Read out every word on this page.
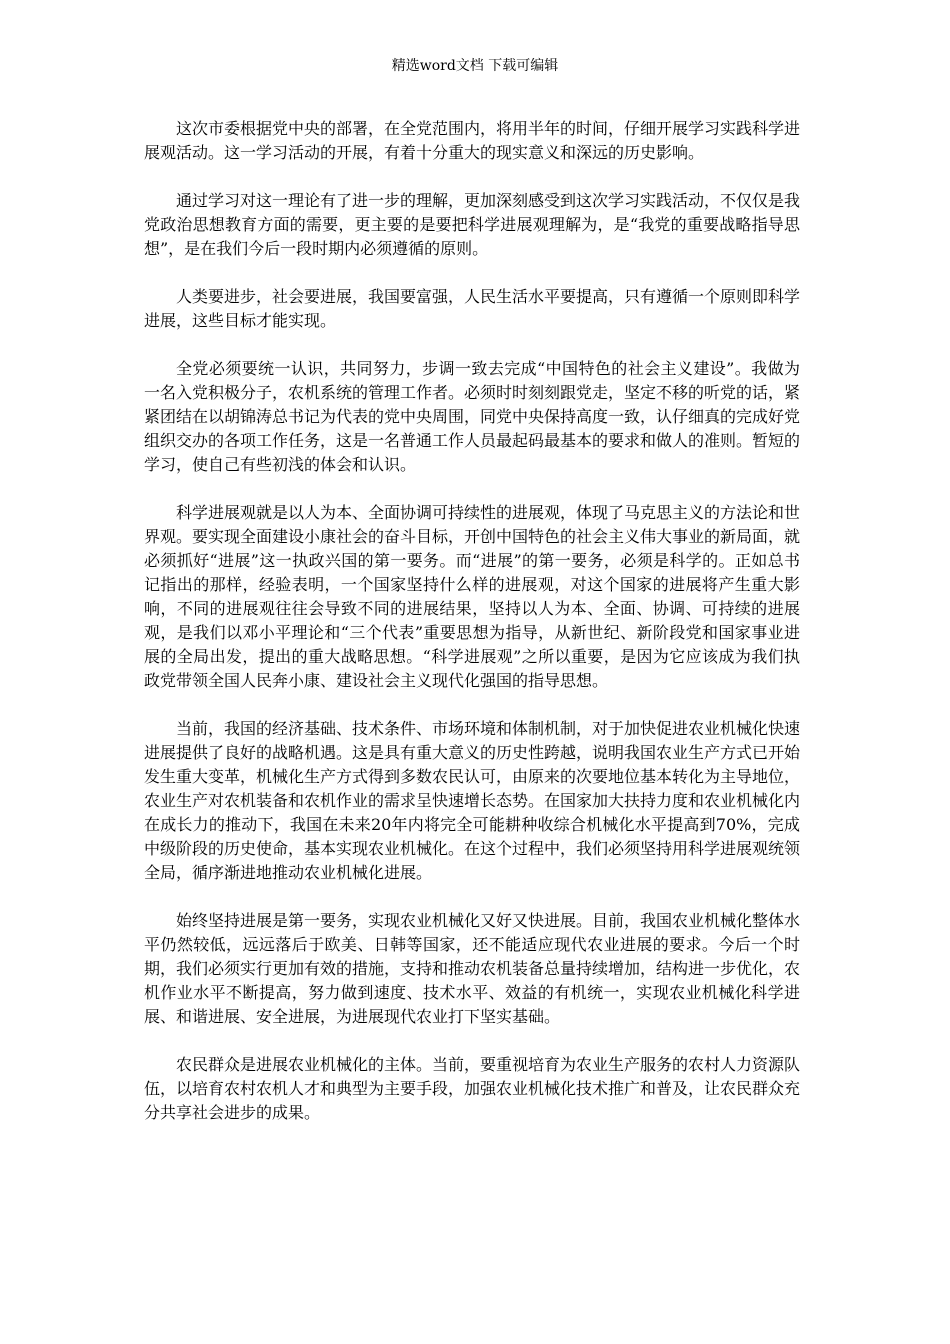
精选word文档 下载可编辑

这次市委根据党中央的部署，在全党范围内，将用半年的时间，仔细开展学习实践科学进展观活动。这一学习活动的开展，有着十分重大的现实意义和深远的历史影响。

通过学习对这一理论有了进一步的理解，更加深刻感受到这次学习实践活动，不仅仅是我党政治思想教育方面的需要，更主要的是要把科学进展观理解为，是“我党的重要战略指导思想”，是在我们今后一段时期内必须遵循的原则。

人类要进步，社会要进展，我国要富强，人民生活水平要提高，只有遵循一个原则即科学进展，这些目标才能实现。

全党必须要统一认识，共同努力，步调一致去完成“中国特色的社会主义建设”。我做为一名入党积极分子，农机系统的管理工作者。必须时时刻刻跟党走，坚定不移的听党的话，紧紧团结在以胡锦涛总书记为代表的党中央周围，同党中央保持高度一致，认仔细真的完成好党组织交办的各项工作任务，这是一名普通工作人员最起码最基本的要求和做人的准则。暂短的学习，使自己有些初浅的体会和认识。

科学进展观就是以人为本、全面协调可持续性的进展观，体现了马克思主义的方法论和世界观。要实现全面建设小康社会的奋斗目标，开创中国特色的社会主义伟大事业的新局面，就必须抓好“进展”这一执政兴国的第一要务。而“进展”的第一要务，必须是科学的。正如总书记指出的那样，经验表明，一个国家坚持什么样的进展观，对这个国家的进展将产生重大影响，不同的进展观往往会导致不同的进展结果，坚持以人为本、全面、协调、可持续的进展观，是我们以邓小平理论和“三个代表”重要思想为指导，从新世纪、新阶段党和国家事业进展的全局出发，提出的重大战略思想。“科学进展观”之所以重要，是因为它应该成为我们执政党带领全国人民奔小康、建设社会主义现代化强国的指导思想。

当前，我国的经济基础、技术条件、市场环境和体制机制，对于加快促进农业机械化快速进展提供了良好的战略机遇。这是具有重大意义的历史性跨越，说明我国农业生产方式已开始发生重大变革，机械化生产方式得到多数农民认可，由原来的次要地位基本转化为主导地位，农业生产对农机装备和农机作业的需求呈快速增长态势。在国家加大扶持力度和农业机械化内在成长力的推动下，我国在未来20年内将完全可能耕种收综合机械化水平提高到70%，完成中级阶段的历史使命，基本实现农业机械化。在这个过程中，我们必须坚持用科学进展观统领全局，循序渐进地推动农业机械化进展。

始终坚持进展是第一要务，实现农业机械化又好又快进展。目前，我国农业机械化整体水平仍然较低，远远落后于欧美、日韩等国家，还不能适应现代农业进展的要求。今后一个时期，我们必须实行更加有效的措施，支持和推动农机装备总量持续增加，结构进一步优化，农机作业水平不断提高，努力做到速度、技术水平、效益的有机统一，实现农业机械化科学进展、和谐进展、安全进展，为进展现代农业打下坚实基础。

农民群众是进展农业机械化的主体。当前，要重视培育为农业生产服务的农村人力资源队伍，以培育农村农机人才和典型为主要手段，加强农业机械化技术推广和普及，让农民群众充分共享社会进步的成果。
